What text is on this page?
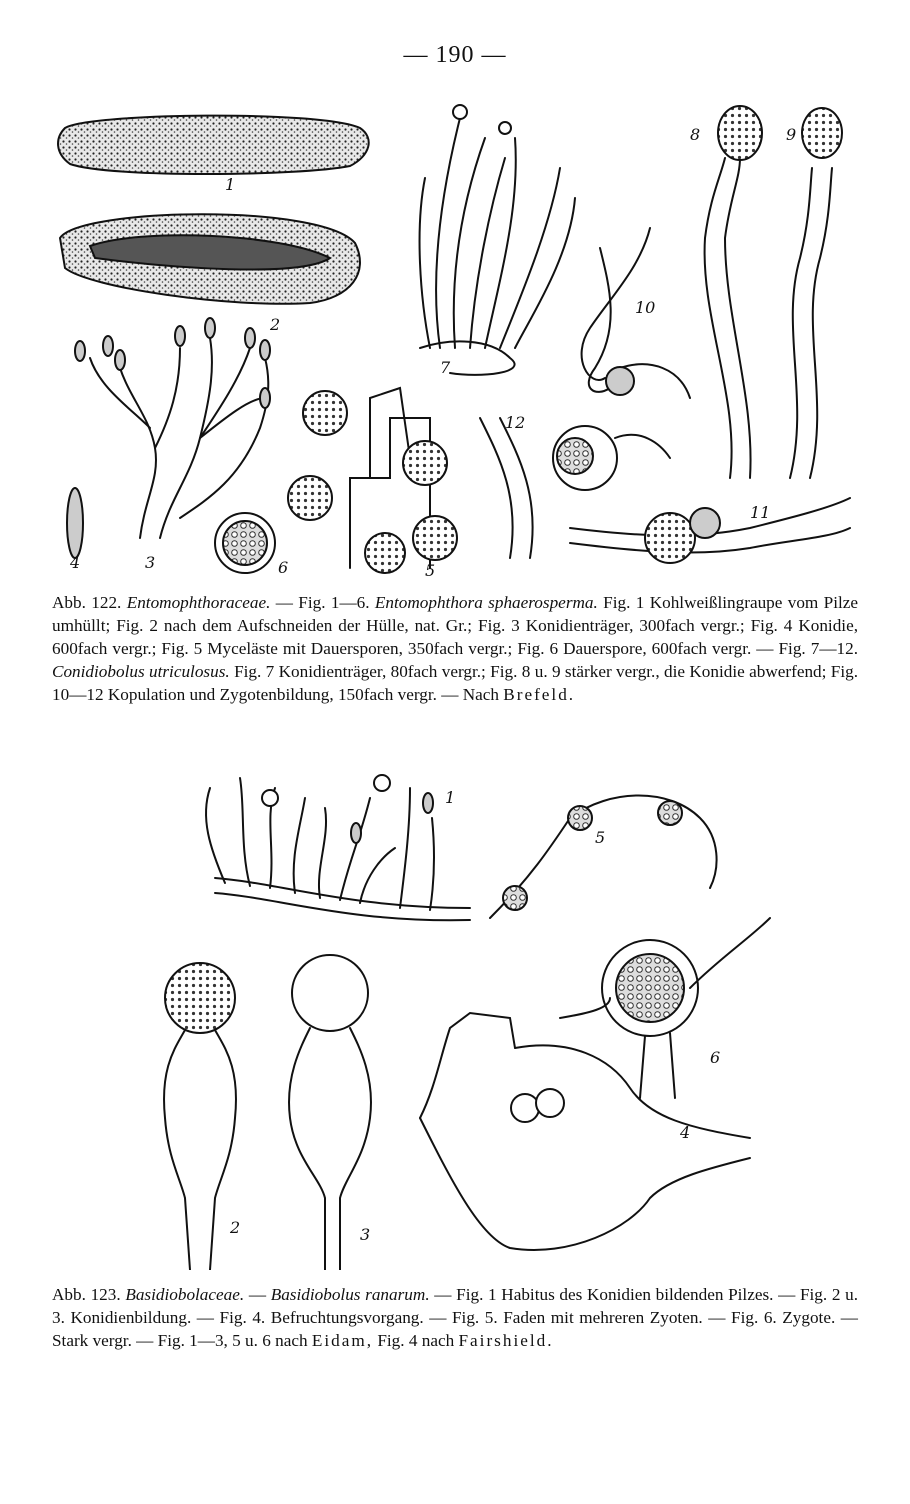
— 190 —
1
2
3
4	5
6
7
8	9
10
11
12
Abb. 122. Entomophthoraceae. — Fig. 1—6. Entomophthora sphaerosperma. Fig. 1 Kohlweißlingraupe vom Pilze umhüllt; Fig. 2 nach dem Aufschneiden der Hülle, nat. Gr.; Fig. 3 Konidienträger, 300fach vergr.; Fig. 4 Konidie, 600fach vergr.; Fig. 5 Myceläste mit Dauersporen, 350fach vergr.; Fig. 6 Dauerspore, 600fach vergr. — Fig. 7—12. Conidiobolus utriculosus. Fig. 7 Konidienträger, 80fach vergr.; Fig. 8 u. 9 stärker vergr., die Konidie abwerfend; Fig. 10—12 Kopulation und Zygotenbildung, 150fach vergr. — Nach Brefeld.
1
2	3
4
5
6
Abb. 123. Basidiobolaceae. — Basidiobolus ranarum. — Fig. 1 Habitus des Konidien bildenden Pilzes. — Fig. 2 u. 3. Konidienbildung. — Fig. 4. Befruchtungsvorgang. — Fig. 5. Faden mit mehreren Zyoten. — Fig. 6. Zygote. — Stark vergr. — Fig. 1—3, 5 u. 6 nach Eidam, Fig. 4 nach Fairshield.
